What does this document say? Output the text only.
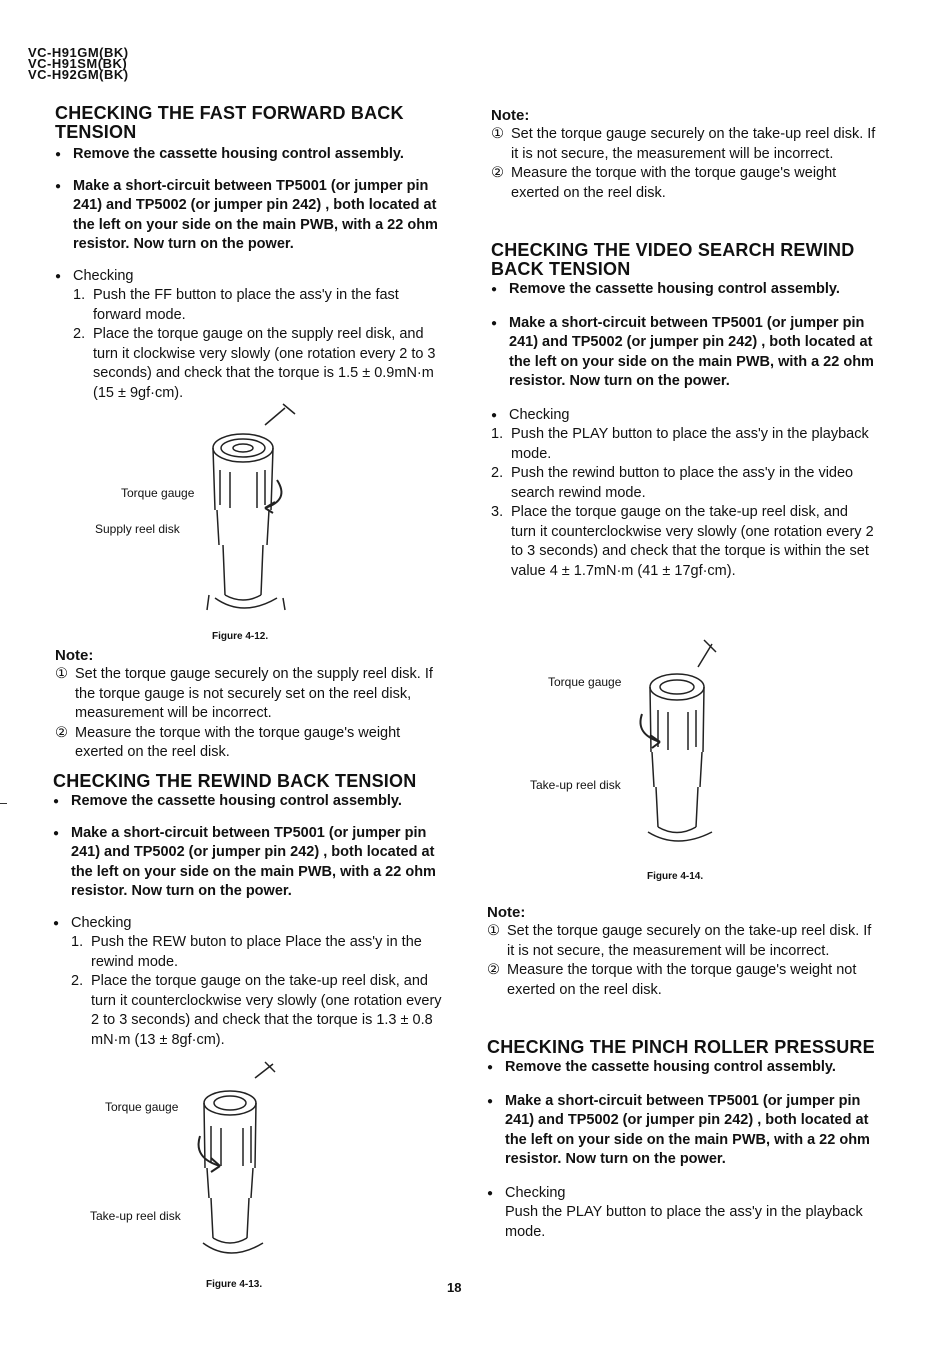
VC-H91GM(BK)
VC-H91SM(BK)
VC-H92GM(BK)
CHECKING THE FAST FORWARD BACK TENSION
● Remove the cassette housing control assembly.
● Make a short-circuit between TP5001 (or jumper pin 241) and TP5002 (or jumper pin 242) , both located at the left on your side on the main PWB, with a 22 ohm resistor. Now turn on the power.
● Checking
1. Push the FF button to place the ass'y in the fast forward mode.
2. Place the torque gauge on the supply reel disk, and turn it clockwise very slowly (one rotation every 2 to 3 seconds) and check that the torque is 1.5 ± 0.9mN·m (15 ± 9gf·cm).
Torque gauge
Supply reel disk
Figure 4-12.
Note:
① Set the torque gauge securely on the supply reel disk. If the torque gauge is not securely set on the reel disk, measurement will be incorrect.
② Measure the torque with the torque gauge's weight exerted on the reel disk.
CHECKING THE REWIND BACK TENSION
● Remove the cassette housing control assembly.
● Make a short-circuit between TP5001 (or jumper pin 241) and TP5002 (or jumper pin 242) , both located at the left on your side on the main PWB, with a 22 ohm resistor. Now turn on the power.
● Checking
1. Push the REW buton to place Place the ass'y in the rewind mode.
2. Place the torque gauge on the take-up reel disk, and turn it counterclockwise very slowly (one rotation every 2 to 3 seconds) and check that the torque is 1.3 ± 0.8 mN·m (13 ± 8gf·cm).
Torque gauge
Take-up reel disk
Figure 4-13.
Note:
① Set the torque gauge securely on the take-up reel disk. If it is not secure, the measurement will be incorrect.
② Measure the torque with the torque gauge's weight exerted on the reel disk.
CHECKING THE VIDEO SEARCH REWIND BACK TENSION
● Remove the cassette housing control assembly.
● Make a short-circuit between TP5001 (or jumper pin 241) and TP5002 (or jumper pin 242) , both located at the left on your side on the main PWB, with a 22 ohm resistor. Now turn on the power.
● Checking
1. Push the PLAY button to place the ass'y in the playback mode.
2. Push the rewind button to place the ass'y in the video search rewind mode.
3. Place the torque gauge on the take-up reel disk, and turn it counterclockwise very slowly (one rotation every 2 to 3 seconds) and check that the torque is within the set value 4 ± 1.7mN·m (41 ± 17gf·cm).
Torque gauge
Take-up reel disk
Figure 4-14.
Note:
① Set the torque gauge securely on the take-up reel disk. If it is not secure, the measurement will be incorrect.
② Measure the torque with the torque gauge's weight not exerted on the reel disk.
CHECKING THE PINCH ROLLER PRESSURE
● Remove the cassette housing control assembly.
● Make a short-circuit between TP5001 (or jumper pin 241) and TP5002 (or jumper pin 242) , both located at the left on your side on the main PWB, with a 22 ohm resistor. Now turn on the power.
● Checking
Push the PLAY button to place the ass'y in the playback mode.
18
